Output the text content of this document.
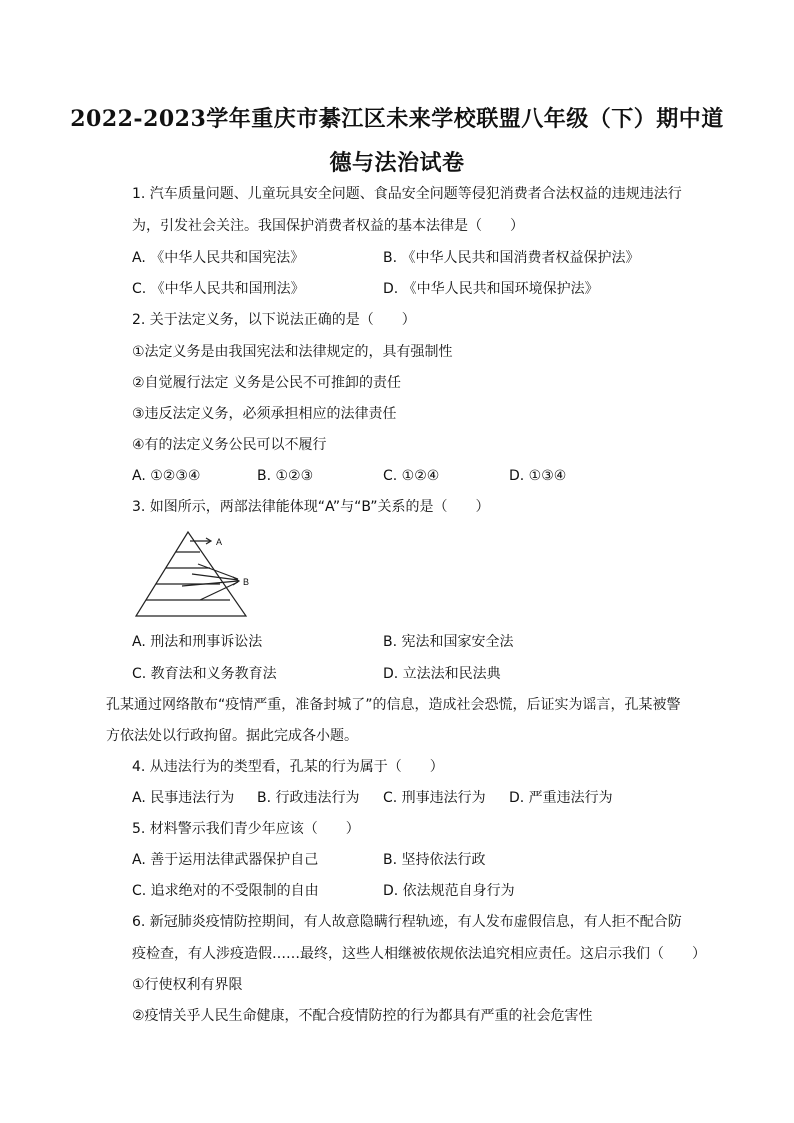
2022-2023学年重庆市綦江区未来学校联盟八年级（下）期中道
德与法治试卷
1. 汽车质量问题、儿童玩具安全问题、食品安全问题等侵犯消费者合法权益的违规违法行
为，引发社会关注。我国保护消费者权益的基本法律是（　　）
A. 《中华人民共和国宪法》	B. 《中华人民共和国消费者权益保护法》
C. 《中华人民共和国刑法》	D. 《中华人民共和国环境保护法》
2. 关于法定义务，以下说法正确的是（　　）
①法定义务是由我国宪法和法律规定的，具有强制性
②自觉履行法定 义务是公民不可推卸的责任
③违反法定义务，必须承担相应的法律责任
④有的法定义务公民可以不履行
A. ①②③④	B. ①②③	C. ①②④	D. ①③④
3. 如图所示，两部法律能体现“A”与“B”关系的是（　　）
A
B
A. 刑法和刑事诉讼法	B. 宪法和国家安全法
C. 教育法和义务教育法	D. 立法法和民法典
孔某通过网络散布“疫情严重，准备封城了”的信息，造成社会恐慌，后证实为谣言，孔某被警
方依法处以行政拘留。据此完成各小题。
4. 从违法行为的类型看，孔某的行为属于（　　）
A. 民事违法行为 B. 行政违法行为 C. 刑事违法行为 D. 严重违法行为
5. 材料警示我们青少年应该（　　）
A. 善于运用法律武器保护自己	B. 坚持依法行政
C. 追求绝对的不受限制的自由	D. 依法规范自身行为
6. 新冠肺炎疫情防控期间，有人故意隐瞒行程轨迹，有人发布虚假信息，有人拒不配合防
疫检查，有人涉疫造假……最终，这些人相继被依规依法追究相应责任。这启示我们（　　）
①行使权利有界限
②疫情关乎人民生命健康，不配合疫情防控的行为都具有严重的社会危害性
